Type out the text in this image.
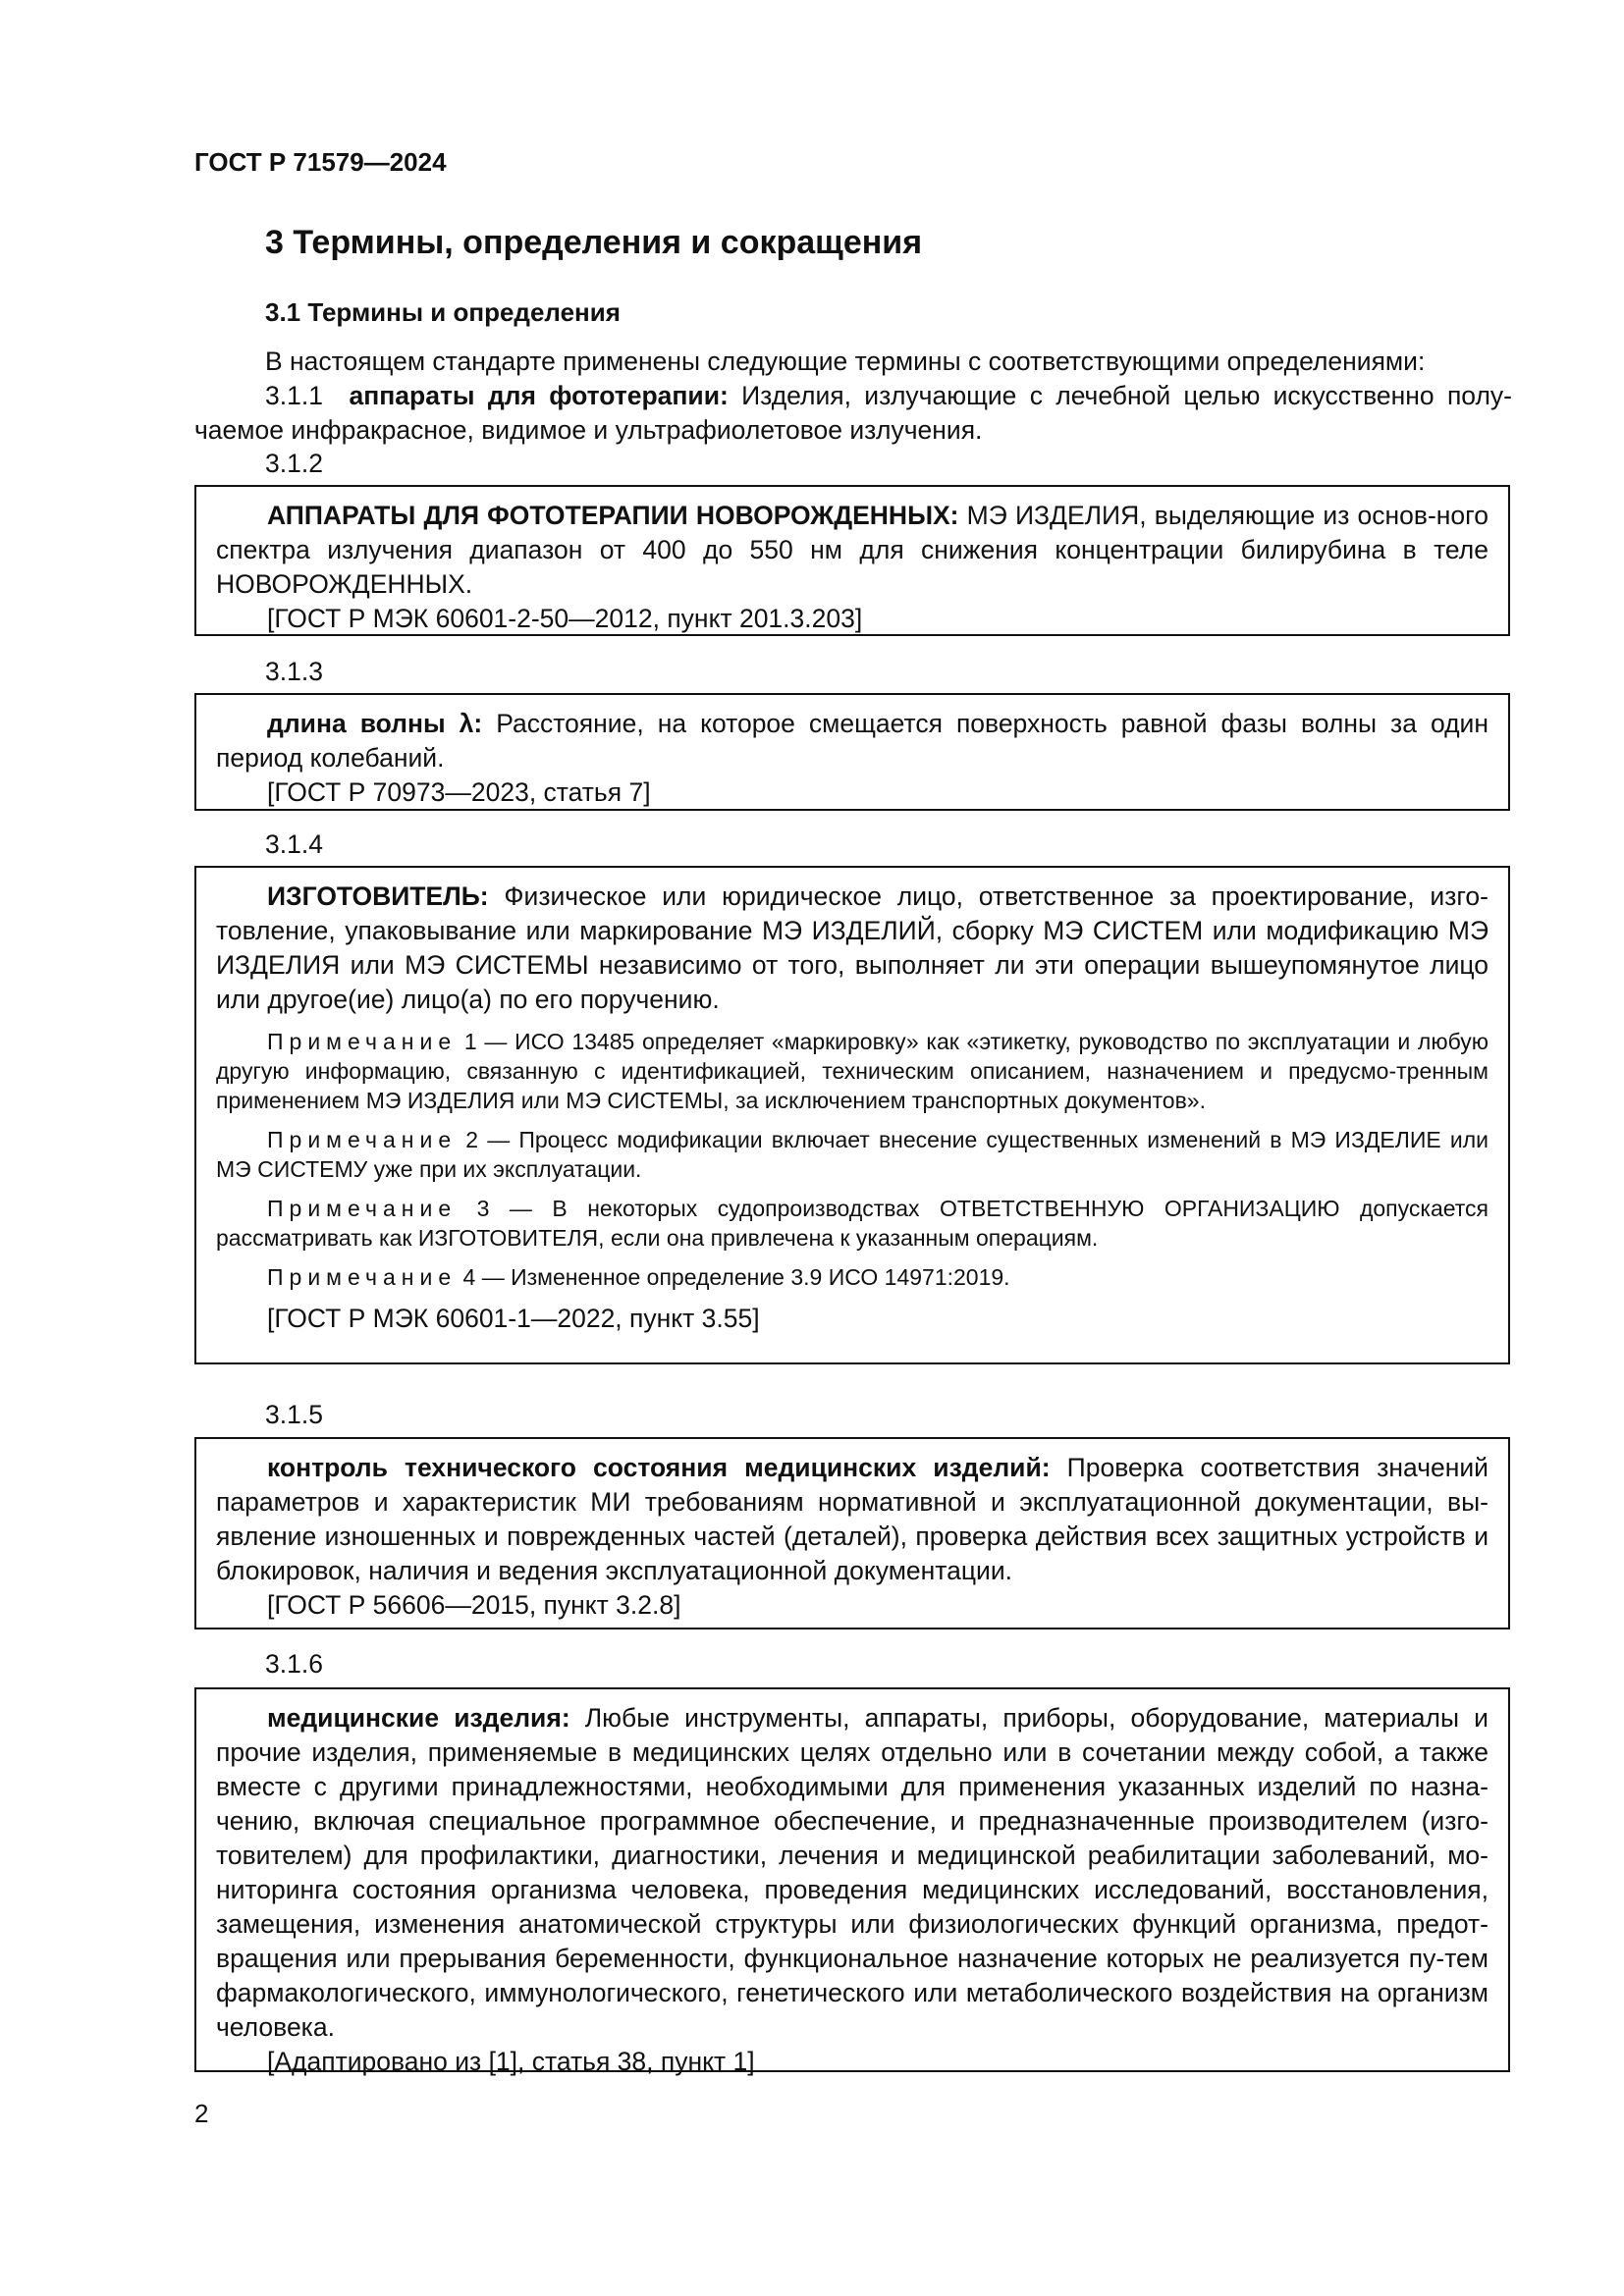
ГОСТ Р 71579—2024
3 Термины, определения и сокращения
3.1 Термины и определения
В настоящем стандарте применены следующие термины с соответствующими определениями:
3.1.1 аппараты для фототерапии: Изделия, излучающие с лечебной целью искусственно полу-чаемое инфракрасное, видимое и ультрафиолетовое излучения.
3.1.2

АППАРАТЫ ДЛЯ ФОТОТЕРАПИИ НОВОРОЖДЕННЫХ: МЭ ИЗДЕЛИЯ, выделяющие из основ-ного спектра излучения диапазон от 400 до 550 нм для снижения концентрации билирубина в теле НОВОРОЖДЕННЫХ.

[ГОСТ Р МЭК 60601-2-50—2012, пункт 201.3.203]

3.1.3

длина волны λ: Расстояние, на которое смещается поверхность равной фазы волны за один период колебаний.

[ГОСТ Р 70973—2023, статья 7]

3.1.4

ИЗГОТОВИТЕЛЬ: Физическое или юридическое лицо, ответственное за проектирование, изго-товление, упаковывание или маркирование МЭ ИЗДЕЛИЙ, сборку МЭ СИСТЕМ или модификацию МЭ ИЗДЕЛИЯ или МЭ СИСТЕМЫ независимо от того, выполняет ли эти операции вышеупомянутое лицо или другое(ие) лицо(а) по его поручению.

Примечание 1 — ИСО 13485 определяет «маркировку» как «этикетку, руководство по эксплуатации и любую другую информацию, связанную с идентификацией, техническим описанием, назначением и предусмо-тренным применением МЭ ИЗДЕЛИЯ или МЭ СИСТЕМЫ, за исключением транспортных документов».

Примечание 2 — Процесс модификации включает внесение существенных изменений в МЭ ИЗДЕЛИЕ или МЭ СИСТЕМУ уже при их эксплуатации.

Примечание 3 — В некоторых судопроизводствах ОТВЕТСТВЕННУЮ ОРГАНИЗАЦИЮ допускается рассматривать как ИЗГОТОВИТЕЛЯ, если она привлечена к указанным операциям.

Примечание 4 — Измененное определение 3.9 ИСО 14971:2019.

[ГОСТ Р МЭК 60601-1—2022, пункт 3.55]

3.1.5

контроль технического состояния медицинских изделий: Проверка соответствия значений параметров и характеристик МИ требованиям нормативной и эксплуатационной документации, вы-явление изношенных и поврежденных частей (деталей), проверка действия всех защитных устройств и блокировок, наличия и ведения эксплуатационной документации.

[ГОСТ Р 56606—2015, пункт 3.2.8]

3.1.6

медицинские изделия: Любые инструменты, аппараты, приборы, оборудование, материалы и прочие изделия, применяемые в медицинских целях отдельно или в сочетании между собой, а также вместе с другими принадлежностями, необходимыми для применения указанных изделий по назна-чению, включая специальное программное обеспечение, и предназначенные производителем (изго-товителем) для профилактики, диагностики, лечения и медицинской реабилитации заболеваний, мо-ниторинга состояния организма человека, проведения медицинских исследований, восстановления, замещения, изменения анатомической структуры или физиологических функций организма, предот-вращения или прерывания беременности, функциональное назначение которых не реализуется пу-тем фармакологического, иммунологического, генетического или метаболического воздействия на организм человека.

[Адаптировано из [1], статья 38, пункт 1]

2
